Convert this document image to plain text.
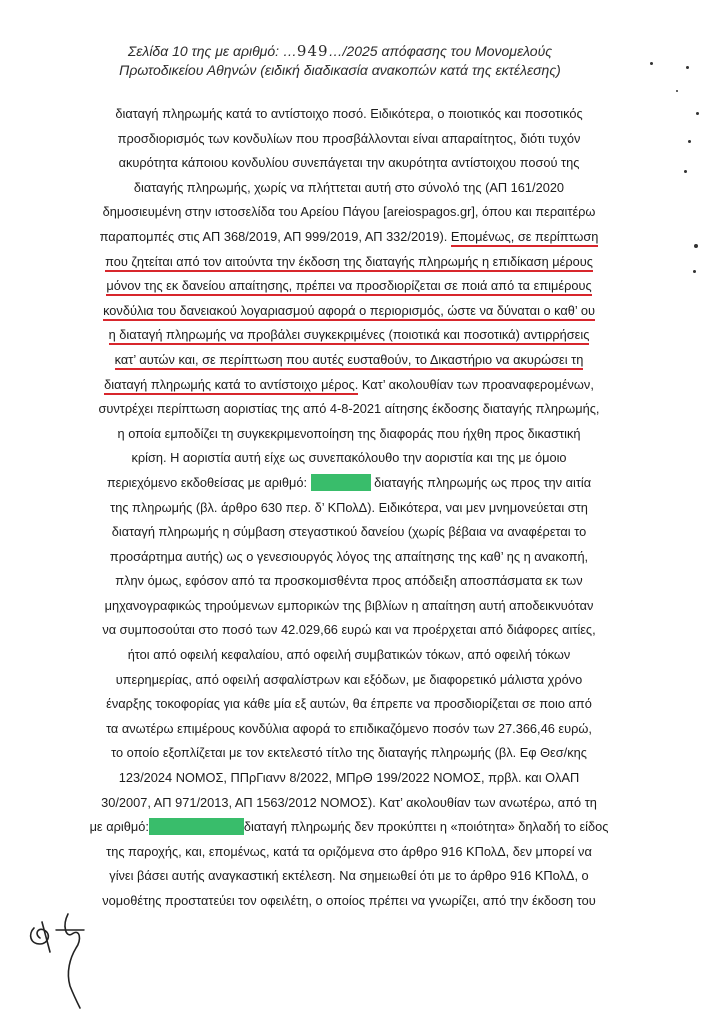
Σελίδα 10 της με αριθμό: …949…/2025 απόφασης του Μονομελούς
Πρωτοδικείου Αθηνών (ειδική διαδικασία ανακοπών κατά της εκτέλεσης)
διαταγή πληρωμής κατά το αντίστοιχο ποσό. Ειδικότερα, ο ποιοτικός και ποσοτικός
προσδιορισμός των κονδυλίων που προσβάλλονται είναι απαραίτητος, διότι τυχόν
ακυρότητα κάποιου κονδυλίου συνεπάγεται την ακυρότητα αντίστοιχου ποσού της
διαταγής πληρωμής, χωρίς να πλήττεται αυτή στο σύνολό της (ΑΠ 161/2020
δημοσιευμένη στην ιστοσελίδα του Αρείου Πάγου [areiospagos.gr], όπου και περαιτέρω
παραπομπές στις ΑΠ 368/2019, ΑΠ 999/2019, ΑΠ 332/2019). Επομένως, σε περίπτωση
που ζητείται από τον αιτούντα την έκδοση της διαταγής πληρωμής η επιδίκαση μέρους
μόνον της εκ δανείου απαίτησης, πρέπει να προσδιορίζεται σε ποιά από τα επιμέρους
κονδύλια του δανειακού λογαριασμού αφορά ο περιορισμός, ώστε να δύναται ο καθ’ ου
η διαταγή πληρωμής να προβάλει συγκεκριμένες (ποιοτικά και ποσοτικά) αντιρρήσεις
κατ’ αυτών και, σε περίπτωση που αυτές ευσταθούν, το Δικαστήριο να ακυρώσει τη
διαταγή πληρωμής κατά το αντίστοιχο μέρος. Κατ’ ακολουθίαν των προαναφερομένων,
συντρέχει περίπτωση αοριστίας της από 4-8-2021 αίτησης έκδοσης διαταγής πληρωμής,
η οποία εμποδίζει τη συγκεκριμενοποίηση της διαφοράς που ήχθη προς δικαστική
κρίση. Η αοριστία αυτή είχε ως συνεπακόλουθο την αοριστία και της με όμοιο
περιεχόμενο εκδοθείσας με αριθμό:	διαταγής πληρωμής ως προς την αιτία
της πληρωμής (βλ. άρθρο 630 περ. δ’ ΚΠολΔ). Ειδικότερα, ναι μεν μνημονεύεται στη
διαταγή πληρωμής η σύμβαση στεγαστικού δανείου (χωρίς βέβαια να αναφέρεται το
προσάρτημα αυτής) ως ο γενεσιουργός λόγος της απαίτησης της καθ’ ης η ανακοπή,
πλην όμως, εφόσον από τα προσκομισθέντα προς απόδειξη αποσπάσματα εκ των
μηχανογραφικώς τηρούμενων εμπορικών της βιβλίων η απαίτηση αυτή αποδεικνυόταν
να συμποσούται στο ποσό των 42.029,66 ευρώ και να προέρχεται από διάφορες αιτίες,
ήτοι από οφειλή κεφαλαίου, από οφειλή συμβατικών τόκων, από οφειλή τόκων
υπερημερίας, από οφειλή ασφαλίστρων και εξόδων, με διαφορετικό μάλιστα χρόνο
έναρξης τοκοφορίας για κάθε μία εξ αυτών, θα έπρεπε να προσδιορίζεται σε ποιο από
τα ανωτέρω επιμέρους κονδύλια αφορά το επιδικαζόμενο ποσόν των 27.366,46 ευρώ,
το οποίο εξοπλίζεται με τον εκτελεστό τίτλο της διαταγής πληρωμής (βλ. Εφ Θεσ/κης
123/2024 ΝΟΜΟΣ, ΠΠρΓιανν 8/2022, ΜΠρΘ 199/2022 ΝΟΜΟΣ, πρβλ. και ΟλΑΠ
30/2007, ΑΠ 971/2013, ΑΠ 1563/2012 ΝΟΜΟΣ). Κατ’ ακολουθίαν των ανωτέρω, από τη
με αριθμό:	διαταγή πληρωμής δεν προκύπτει η «ποιότητα» δηλαδή το είδος
της παροχής, και, επομένως, κατά τα οριζόμενα στο άρθρο 916 ΚΠολΔ, δεν μπορεί να
γίνει βάσει αυτής αναγκαστική εκτέλεση. Να σημειωθεί ότι με το άρθρο 916 ΚΠολΔ, ο
νομοθέτης προστατεύει τον οφειλέτη, ο οποίος πρέπει να γνωρίζει, από την έκδοση του
